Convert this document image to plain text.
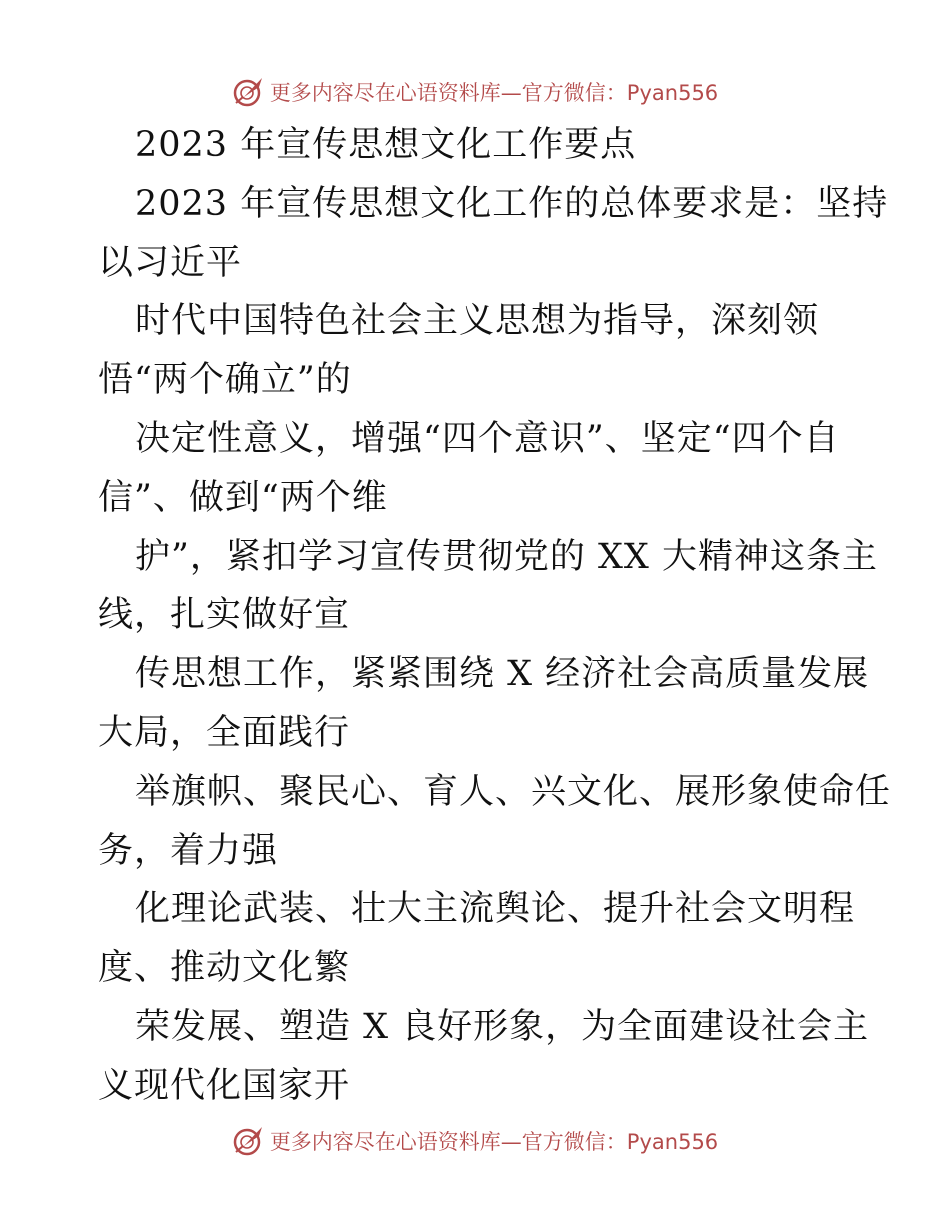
更多内容尽在心语资料库—官方微信：Pyan556
2023 年宣传思想文化工作要点
2023 年宣传思想文化工作的总体要求是：坚持
以习近平
时代中国特色社会主义思想为指导，深刻领
悟“两个确立”的
决定性意义，增强“四个意识”、坚定“四个自
信”、做到“两个维
护”，紧扣学习宣传贯彻党的 XX 大精神这条主
线，扎实做好宣
传思想工作，紧紧围绕 X 经济社会高质量发展
大局，全面践行
举旗帜、聚民心、育人、兴文化、展形象使命任
务，着力强
化理论武装、壮大主流舆论、提升社会文明程
度、推动文化繁
荣发展、塑造 X 良好形象，为全面建设社会主
义现代化国家开
更多内容尽在心语资料库—官方微信：Pyan556
